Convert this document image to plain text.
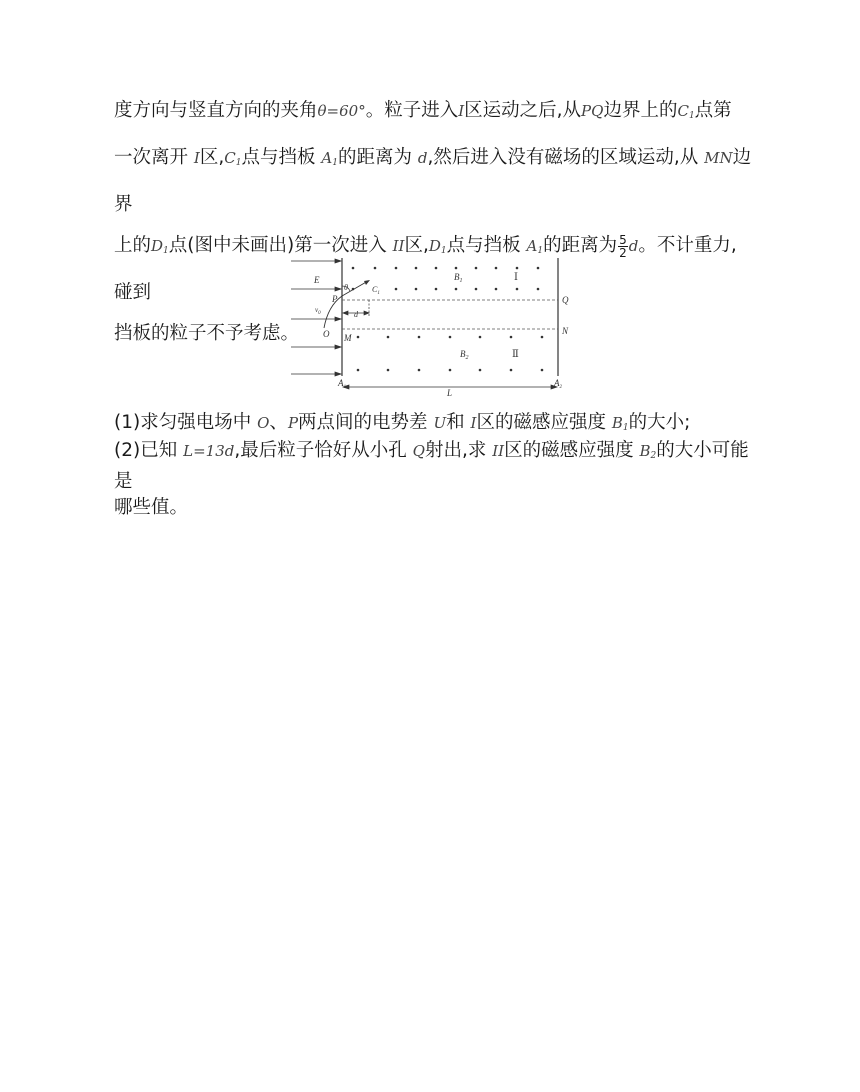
度方向与竖直方向的夹角θ=60°。粒子进入I区运动之后,从PQ边界上的$C_1$点第
一次离开 I区$,C_1$点与挡板 $A_1$的距离为 d,然后进入没有磁场的区域运动,从 MN边界
上的$D_1$点(图中未画出)第一次进入 II区$,D_1$点与挡板 $A_1$的距离为 $\frac{5}{2}$ d。不计重力,碰到
挡板的粒子不予考虑。

E
θ
$B_1$	Ⅰ
$C_1$
P	Q
$v_0$	d
O M
N
$B_2$	Ⅱ
$A_1$
L
$A_2$

(1)求匀强电场中 O、P两点间的电势差 U和 I区的磁感应强度 $B_1$的大小;

(2)已知 L=13d,最后粒子恰好从小孔 Q射出,求 II区的磁感应强度 $B_2$的大小可能是
哪些值。
